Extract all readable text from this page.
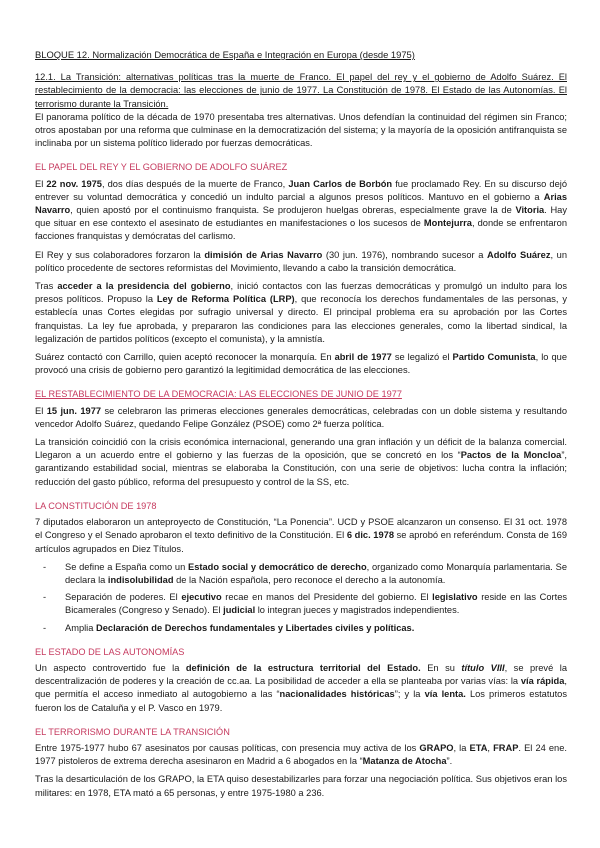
BLOQUE 12. Normalización Democrática de España e Integración en Europa (desde 1975)

12.1. La Transición: alternativas políticas tras la muerte de Franco. El papel del rey y el gobierno de Adolfo Suárez. El restablecimiento de la democracia: las elecciones de junio de 1977. La Constitución de 1978. El Estado de las Autonomías. El terrorismo durante la Transición.

El panorama político de la década de 1970 presentaba tres alternativas. Unos defendían la continuidad del régimen sin Franco; otros apostaban por una reforma que culminase en la democratización del sistema; y la mayoría de la oposición antifranquista se inclinaba por un sistema político liderado por fuerzas democráticas.

EL PAPEL DEL REY Y EL GOBIERNO DE ADOLFO SUÁREZ

El 22 nov. 1975, dos días después de la muerte de Franco, Juan Carlos de Borbón fue proclamado Rey. En su discurso dejó entrever su voluntad democrática y concedió un indulto parcial a algunos presos políticos. Mantuvo en el gobierno a Arias Navarro, quien apostó por el continuismo franquista. Se produjeron huelgas obreras, especialmente grave la de Vitoria. Hay que situar en ese contexto el asesinato de estudiantes en manifestaciones o los sucesos de Montejurra, donde se enfrentaron facciones franquistas y demócratas del carlismo.

El Rey y sus colaboradores forzaron la dimisión de Arias Navarro (30 jun. 1976), nombrando sucesor a Adolfo Suárez, un político procedente de sectores reformistas del Movimiento, llevando a cabo la transición democrática.

Tras acceder a la presidencia del gobierno, inició contactos con las fuerzas democráticas y promulgó un indulto para los presos políticos. Propuso la Ley de Reforma Política (LRP), que reconocía los derechos fundamentales de las personas, y establecía unas Cortes elegidas por sufragio universal y directo. El principal problema era su aprobación por las Cortes franquistas. La ley fue aprobada, y prepararon las condiciones para las elecciones generales, como la libertad sindical, la legalización de partidos políticos (excepto el comunista), y la amnistía.

Suárez contactó con Carrillo, quien aceptó reconocer la monarquía. En abril de 1977 se legalizó el Partido Comunista, lo que provocó una crisis de gobierno pero garantizó la legitimidad democrática de las elecciones.

EL RESTABLECIMIENTO DE LA DEMOCRACIA: LAS ELECCIONES DE JUNIO DE 1977

El 15 jun. 1977 se celebraron las primeras elecciones generales democráticas, celebradas con un doble sistema y resultando vencedor Adolfo Suárez, quedando Felipe González (PSOE) como 2ª fuerza política.

La transición coincidió con la crisis económica internacional, generando una gran inflación y un déficit de la balanza comercial. Llegaron a un acuerdo entre el gobierno y las fuerzas de la oposición, que se concretó en los “Pactos de la Moncloa”, garantizando estabilidad social, mientras se elaboraba la Constitución, con una serie de objetivos: lucha contra la inflación; reducción del gasto público, reforma del presupuesto y control de la SS, etc.

LA CONSTITUCIÓN DE 1978

7 diputados elaboraron un anteproyecto de Constitución, “La Ponencia”. UCD y PSOE alcanzaron un consenso. El 31 oct. 1978 el Congreso y el Senado aprobaron el texto definitivo de la Constitución. El 6 dic. 1978 se aprobó en referéndum. Consta de 169 artículos agrupados en Diez Títulos.

- Se define a España como un Estado social y democrático de derecho, organizado como Monarquía parlamentaria. Se declara la indisolubilidad de la Nación española, pero reconoce el derecho a la autonomía.
- Separación de poderes. El ejecutivo recae en manos del Presidente del gobierno. El legislativo reside en las Cortes Bicamerales (Congreso y Senado). El judicial lo integran jueces y magistrados independientes.
- Amplia Declaración de Derechos fundamentales y Libertades civiles y políticas.
EL ESTADO DE LAS AUTONOMÍAS

Un aspecto controvertido fue la definición de la estructura territorial del Estado. En su título VIII, se prevé la descentralización de poderes y la creación de cc.aa. La posibilidad de acceder a ella se planteaba por varias vías: la vía rápida, que permitía el acceso inmediato al autogobierno a las “nacionalidades históricas”; y la vía lenta. Los primeros estatutos fueron los de Cataluña y el P. Vasco en 1979.

EL TERRORISMO DURANTE LA TRANSICIÓN

Entre 1975-1977 hubo 67 asesinatos por causas políticas, con presencia muy activa de los GRAPO, la ETA, FRAP. El 24 ene. 1977 pistoleros de extrema derecha asesinaron en Madrid a 6 abogados en la “Matanza de Atocha”.

Tras la desarticulación de los GRAPO, la ETA quiso desestabilizarles para forzar una negociación política. Sus objetivos eran los militares: en 1978, ETA mató a 65 personas, y entre 1975-1980 a 236.
